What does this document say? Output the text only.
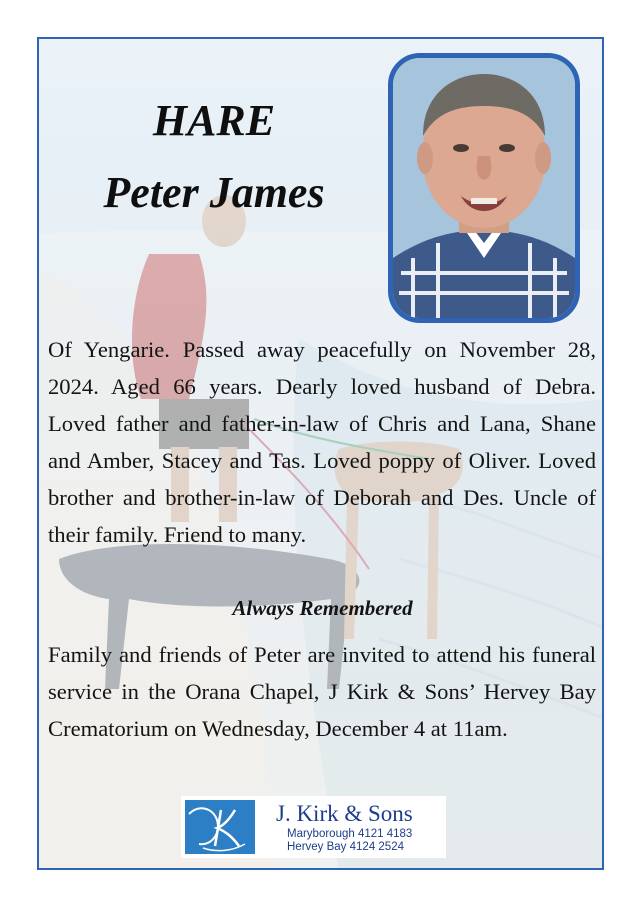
HARE
Peter James

Of Yengarie. Passed away peacefully on November 28, 2024. Aged 66 years. Dearly loved husband of Debra. Loved father and father-in-law of Chris and Lana, Shane and Amber, Stacey and Tas. Loved poppy of Oliver. Loved brother and brother-in-law of Deborah and Des. Uncle of their family. Friend to many.

Always Remembered

Family and friends of Peter are invited to attend his funeral service in the Orana Chapel, J Kirk & Sons’ Hervey Bay Crematorium on Wednesday, December 4 at 11am.

J. Kirk & Sons
Maryborough 4121 4183
Hervey Bay 4124 2524
